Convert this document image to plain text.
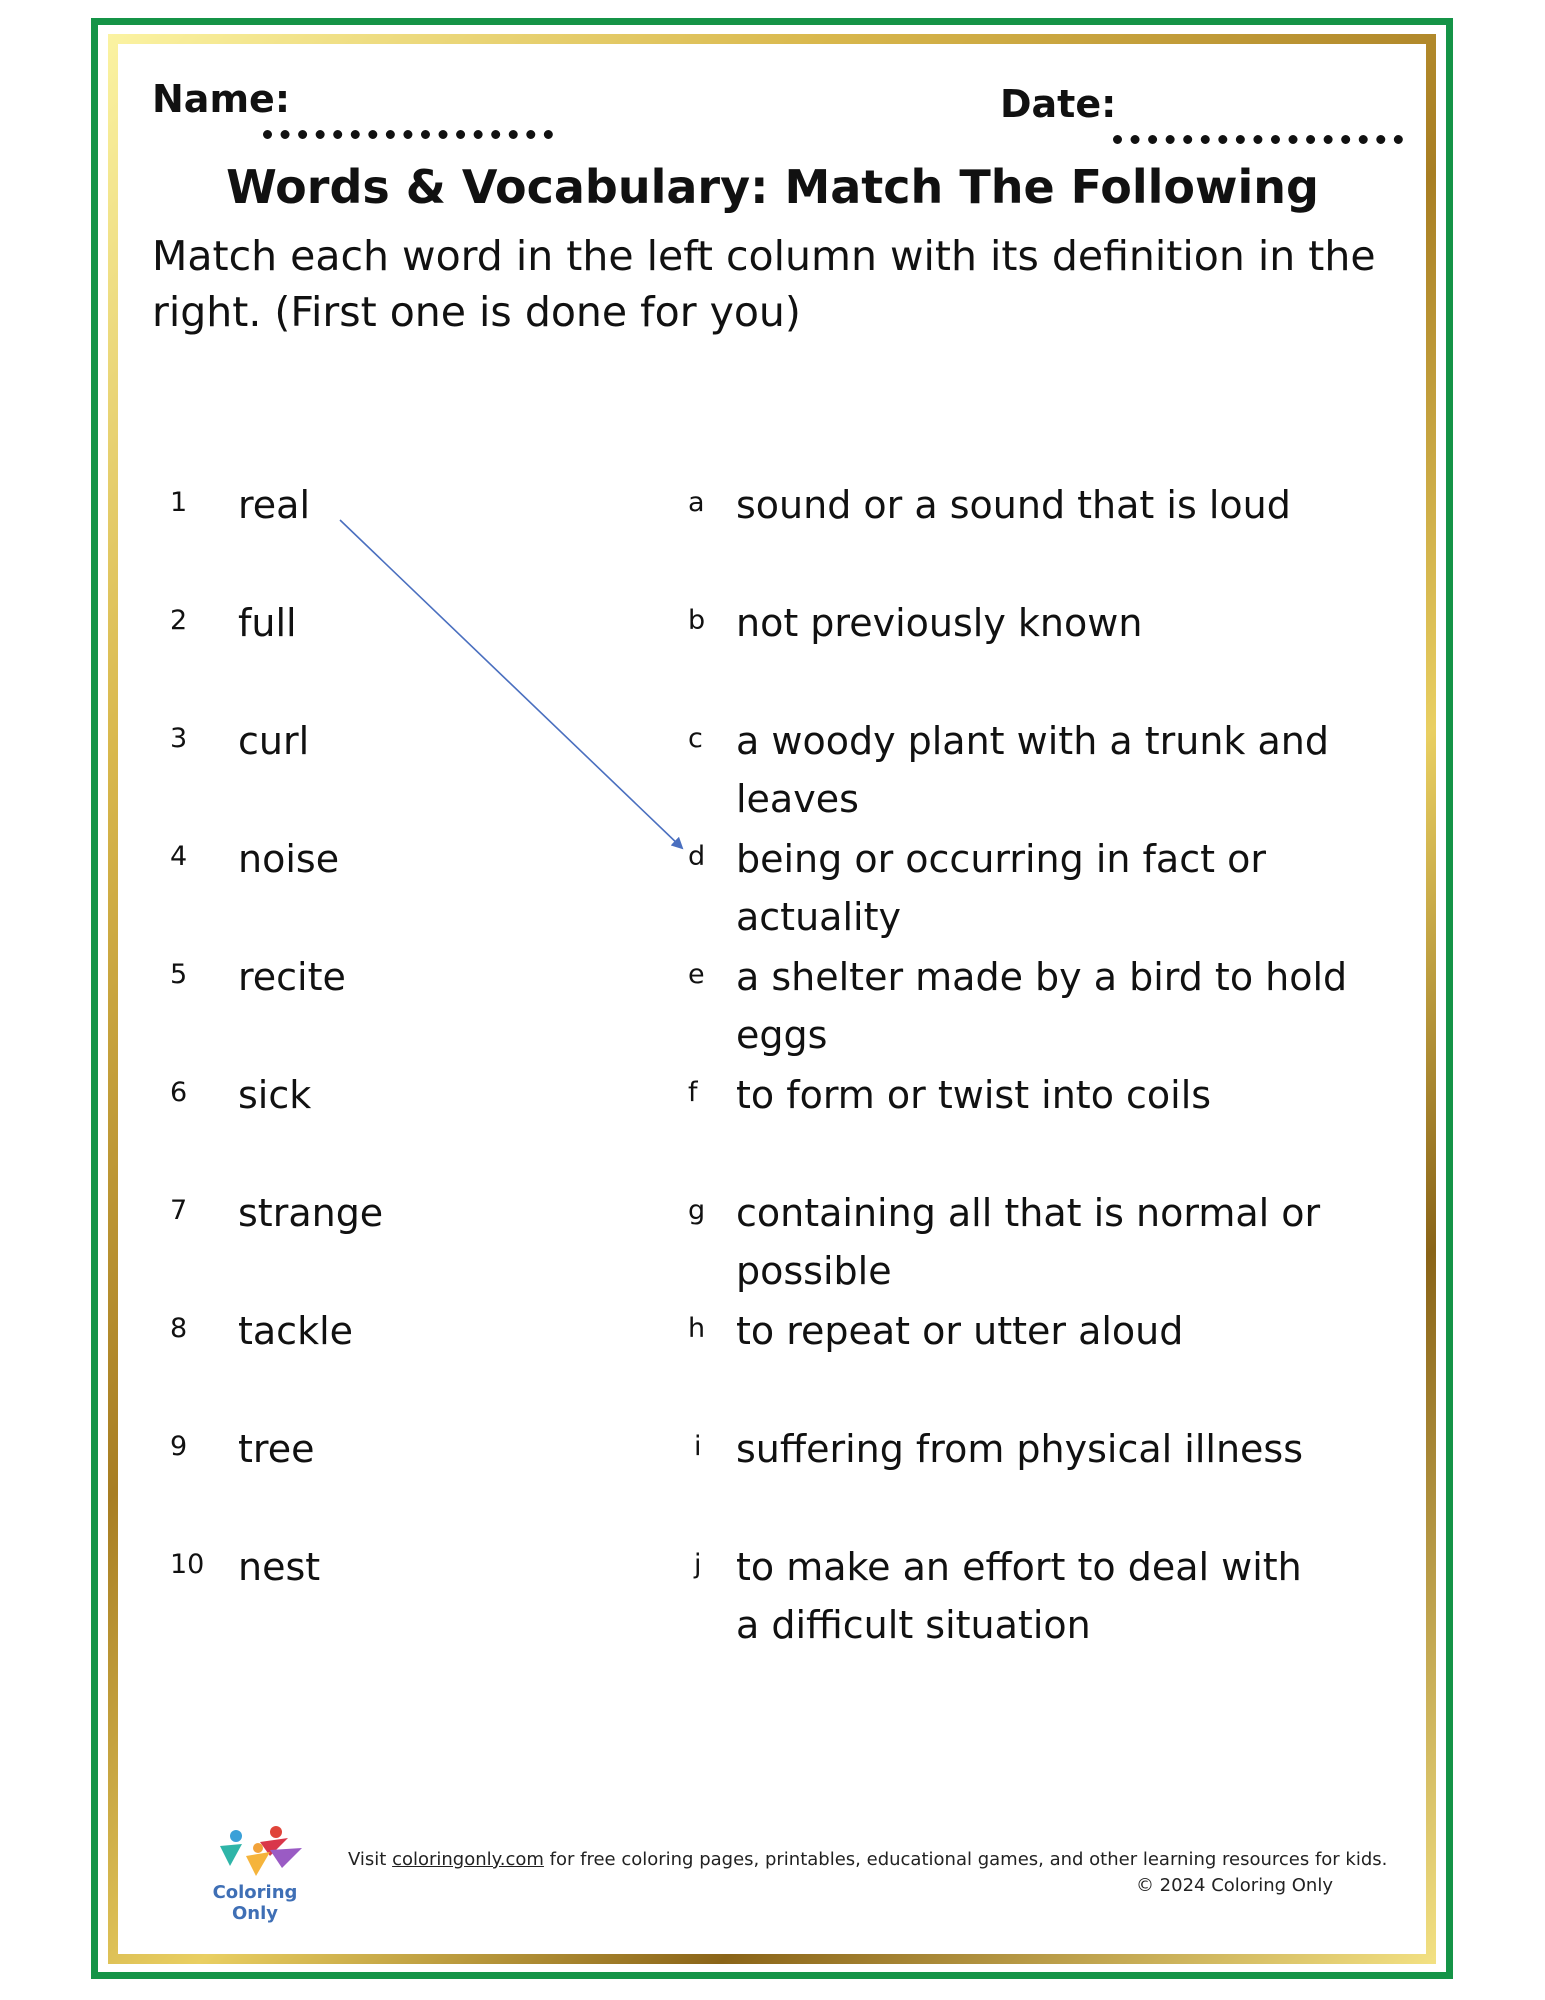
Name:	Date:
Words & Vocabulary: Match The Following
Match each word in the left column with its definition in the right. (First one is done for you)
1 real	a sound or a sound that is loud
2 full	b not previously known
3 curl	c a woody plant with a trunk and leaves
4 noise	d being or occurring in fact or actuality
5 recite	e a shelter made by a bird to hold eggs
6 sick	f to form or twist into coils
7 strange	g containing all that is normal or possible
8 tackle	h to repeat or utter aloud
9 tree	i suffering from physical illness
10 nest	j to make an effort to deal with a difficult situation
Coloring Only
Visit coloringonly.com for free coloring pages, printables, educational games, and other learning resources for kids.
© 2024 Coloring Only
